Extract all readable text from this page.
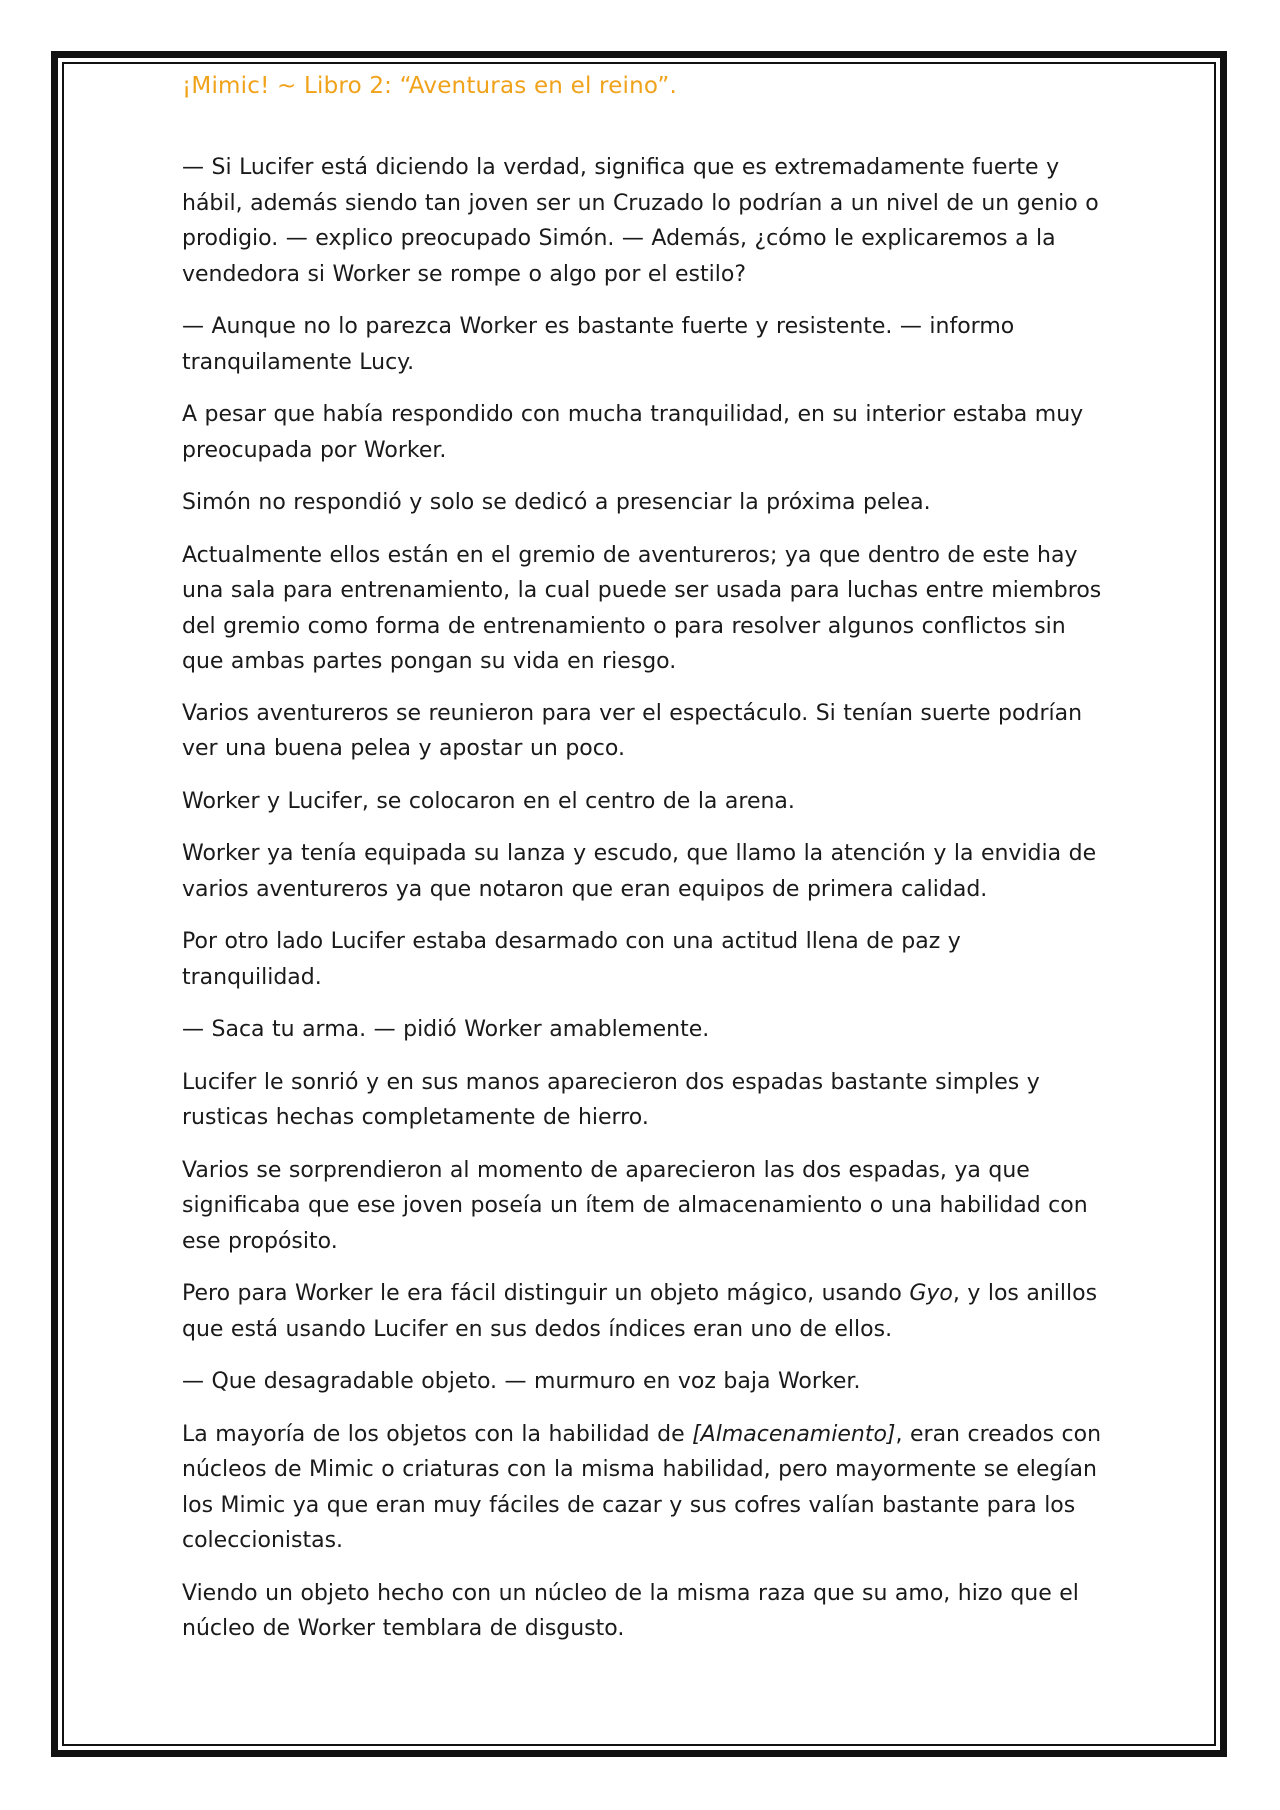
¡Mimic! ~ Libro 2: “Aventuras en el reino”.

— Si Lucifer está diciendo la verdad, significa que es extremadamente fuerte y hábil, además siendo tan joven ser un Cruzado lo podrían a un nivel de un genio o prodigio. — explico preocupado Simón. — Además, ¿cómo le explicaremos a la vendedora si Worker se rompe o algo por el estilo?

— Aunque no lo parezca Worker es bastante fuerte y resistente. — informo tranquilamente Lucy.

A pesar que había respondido con mucha tranquilidad, en su interior estaba muy preocupada por Worker.

Simón no respondió y solo se dedicó a presenciar la próxima pelea.

Actualmente ellos están en el gremio de aventureros; ya que dentro de este hay una sala para entrenamiento, la cual puede ser usada para luchas entre miembros del gremio como forma de entrenamiento o para resolver algunos conflictos sin que ambas partes pongan su vida en riesgo.

Varios aventureros se reunieron para ver el espectáculo. Si tenían suerte podrían ver una buena pelea y apostar un poco.

Worker y Lucifer, se colocaron en el centro de la arena.

Worker ya tenía equipada su lanza y escudo, que llamo la atención y la envidia de varios aventureros ya que notaron que eran equipos de primera calidad.

Por otro lado Lucifer estaba desarmado con una actitud llena de paz y tranquilidad.

— Saca tu arma. — pidió Worker amablemente.

Lucifer le sonrió y en sus manos aparecieron dos espadas bastante simples y rusticas hechas completamente de hierro.

Varios se sorprendieron al momento de aparecieron las dos espadas, ya que significaba que ese joven poseía un ítem de almacenamiento o una habilidad con ese propósito.

Pero para Worker le era fácil distinguir un objeto mágico, usando Gyo, y los anillos que está usando Lucifer en sus dedos índices eran uno de ellos.

— Que desagradable objeto. — murmuro en voz baja Worker.

La mayoría de los objetos con la habilidad de [Almacenamiento], eran creados con núcleos de Mimic o criaturas con la misma habilidad, pero mayormente se elegían los Mimic ya que eran muy fáciles de cazar y sus cofres valían bastante para los coleccionistas.

Viendo un objeto hecho con un núcleo de la misma raza que su amo, hizo que el núcleo de Worker temblara de disgusto.
